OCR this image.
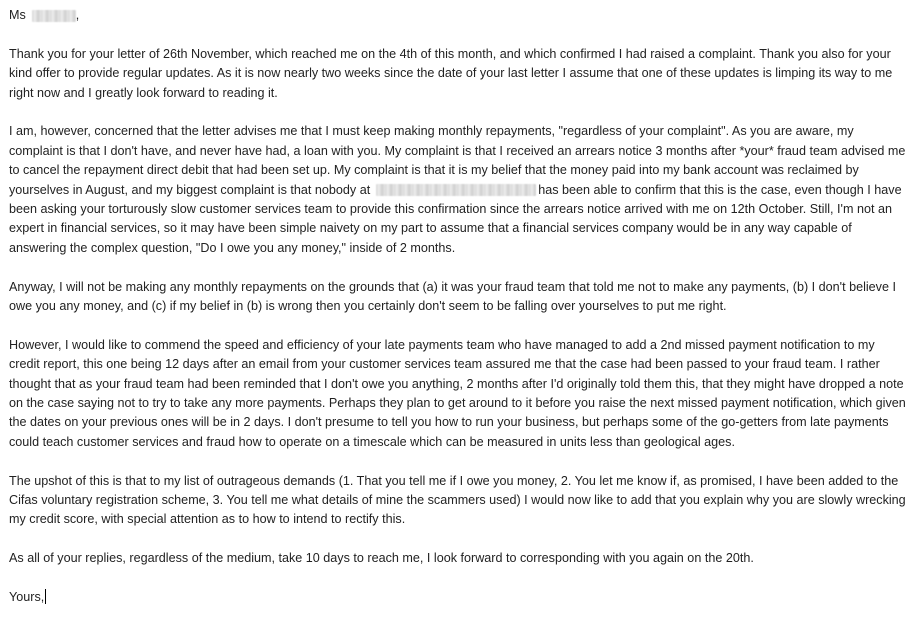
Ms	,

Thank you for your letter of 26th November, which reached me on the 4th of this month, and which confirmed I had raised a complaint. Thank you also for your kind offer to provide regular updates. As it is now nearly two weeks since the date of your last letter I assume that one of these updates is limping its way to me right now and I greatly look forward to reading it.

I am, however, concerned that the letter advises me that I must keep making monthly repayments, "regardless of your complaint". As you are aware, my complaint is that I don't have, and never have had, a loan with you. My complaint is that I received an arrears notice 3 months after *your* fraud team advised me to cancel the repayment direct debit that had been set up. My complaint is that it is my belief that the money paid into my bank account was reclaimed by yourselves in August, and my biggest complaint is that nobody at	has been able to confirm that this is the case, even though I have been asking your torturously slow customer services team to provide this confirmation since the arrears notice arrived with me on 12th October. Still, I'm not an expert in financial services, so it may have been simple naivety on my part to assume that a financial services company would be in any way capable of answering the complex question, "Do I owe you any money," inside of 2 months.

Anyway, I will not be making any monthly repayments on the grounds that (a) it was your fraud team that told me not to make any payments, (b) I don't believe I owe you any money, and (c) if my belief in (b) is wrong then you certainly don't seem to be falling over yourselves to put me right.

However, I would like to commend the speed and efficiency of your late payments team who have managed to add a 2nd missed payment notification to my credit report, this one being 12 days after an email from your customer services team assured me that the case had been passed to your fraud team. I rather thought that as your fraud team had been reminded that I don't owe you anything, 2 months after I'd originally told them this, that they might have dropped a note on the case saying not to try to take any more payments. Perhaps they plan to get around to it before you raise the next missed payment notification, which given the dates on your previous ones will be in 2 days. I don't presume to tell you how to run your business, but perhaps some of the go-getters from late payments could teach customer services and fraud how to operate on a timescale which can be measured in units less than geological ages.

The upshot of this is that to my list of outrageous demands (1. That you tell me if I owe you money, 2. You let me know if, as promised, I have been added to the Cifas voluntary registration scheme, 3. You tell me what details of mine the scammers used) I would now like to add that you explain why you are slowly wrecking my credit score, with special attention as to how to intend to rectify this.

As all of your replies, regardless of the medium, take 10 days to reach me, I look forward to corresponding with you again on the 20th.

Yours,
